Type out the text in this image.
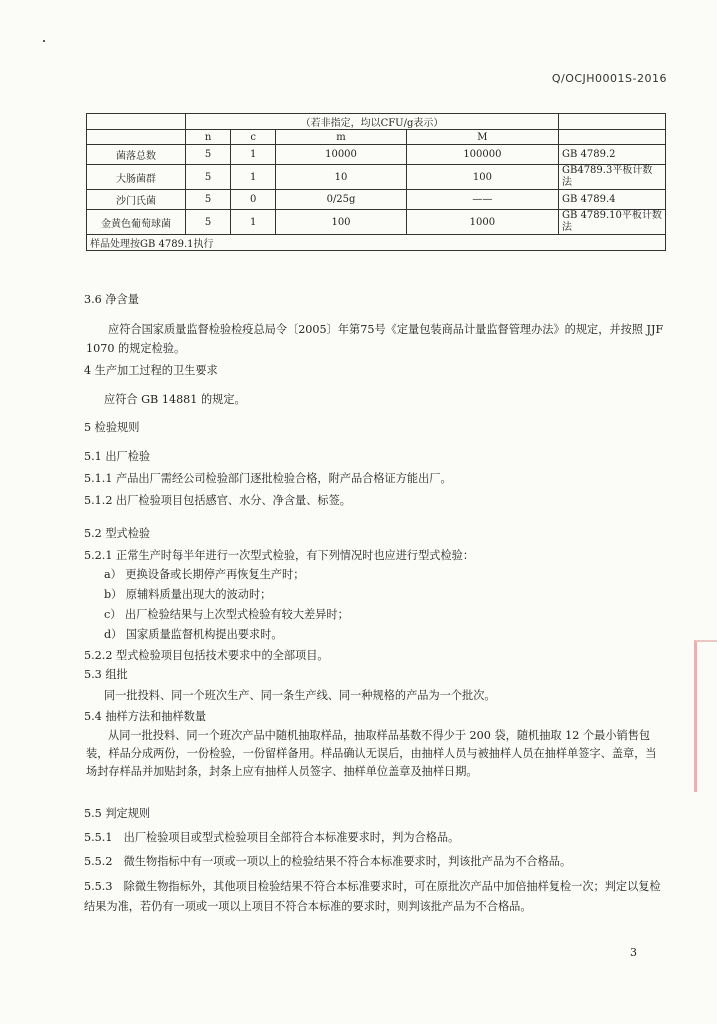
Q/OCJH0001S-2016
	（若非指定，均以CFU/g表示）				
	n	c	m	M	
菌落总数	5	1	10000	100000	GB 4789.2
大肠菌群	5	1	10	100	GB4789.3平板计数法
沙门氏菌	5	0	0/25g	——	GB 4789.4
金黄色葡萄球菌	5	1	100	1000	GB 4789.10平板计数法
样品处理按GB 4789.1执行					
3.6 净含量
应符合国家质量监督检验检疫总局令〔2005〕年第75号《定量包装商品计量监督管理办法》的规定，并按照 JJF 1070 的规定检验。
4 生产加工过程的卫生要求
应符合 GB 14881 的规定。
5 检验规则
5.1 出厂检验
5.1.1 产品出厂需经公司检验部门逐批检验合格，附产品合格证方能出厂。
5.1.2 出厂检验项目包括感官、水分、净含量、标签。
5.2 型式检验
5.2.1 正常生产时每半年进行一次型式检验，有下列情况时也应进行型式检验：
a） 更换设备或长期停产再恢复生产时；
b） 原辅料质量出现大的波动时；
c） 出厂检验结果与上次型式检验有较大差异时；
d） 国家质量监督机构提出要求时。
5.2.2 型式检验项目包括技术要求中的全部项目。
5.3 组批
同一批投料、同一个班次生产、同一条生产线、同一种规格的产品为一个批次。
5.4 抽样方法和抽样数量
从同一批投料、同一个班次产品中随机抽取样品，抽取样品基数不得少于 200 袋，随机抽取 12 个最小销售包装，样品分成两份，一份检验，一份留样备用。样品确认无误后，由抽样人员与被抽样人员在抽样单签字、盖章，当场封存样品并加贴封条，封条上应有抽样人员签字、抽样单位盖章及抽样日期。
5.5 判定规则
5.5.1　出厂检验项目或型式检验项目全部符合本标准要求时，判为合格品。
5.5.2　微生物指标中有一项或一项以上的检验结果不符合本标准要求时，判该批产品为不合格品。
5.5.3　除微生物指标外，其他项目检验结果不符合本标准要求时，可在原批次产品中加倍抽样复检一次；判定以复检结果为准，若仍有一项或一项以上项目不符合本标准的要求时，则判该批产品为不合格品。
3
